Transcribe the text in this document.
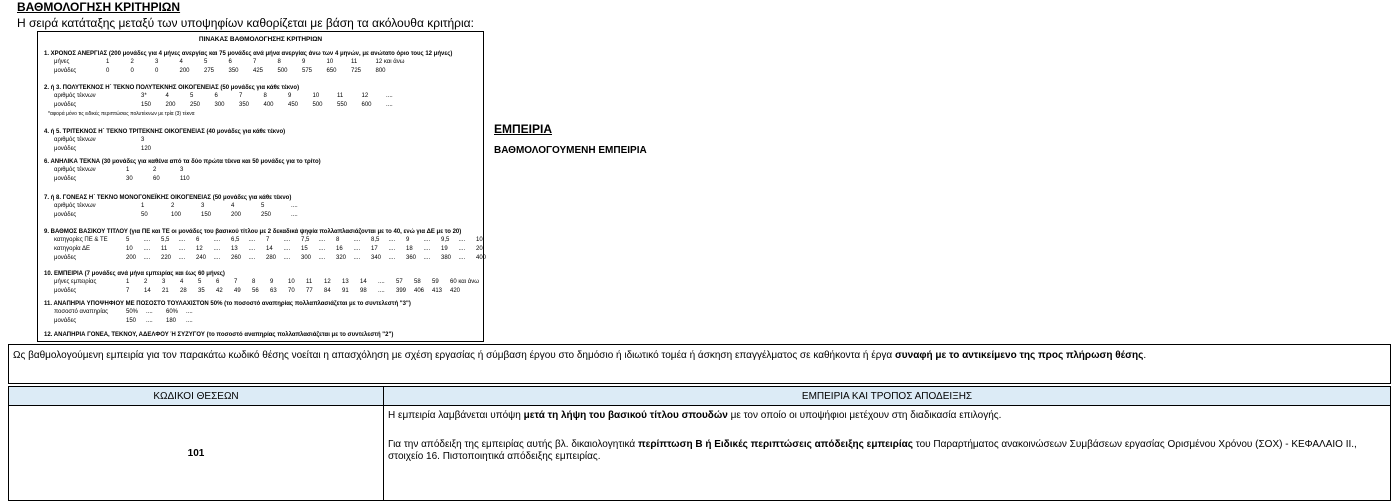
ΒΑΘΜΟΛΟΓΗΣΗ ΚΡΙΤΗΡΙΩΝ
Η σειρά κατάταξης μεταξύ των υποψηφίων καθορίζεται με βάση τα ακόλουθα κριτήρια:
ΠΙΝΑΚΑΣ ΒΑΘΜΟΛΟΓΗΣΗΣ ΚΡΙΤΗΡΙΩΝ
1. ΧΡΟΝΟΣ ΑΝΕΡΓΙΑΣ (200 μονάδες για 4 μήνες ανεργίας και 75 μονάδες ανά μήνα ανεργίας άνω των 4 μηνών, με ανώτατο όριο τους 12 μήνες)
μήνες	1	2	3	4	5	6	7	8	9	10	11	12 και άνω
μονάδες	0	0	0	200 275 350 425 500 575 650 725 800
2. ή 3. ΠΟΛΥΤΕΚΝΟΣ Η΄ ΤΕΚΝΟ ΠΟΛΥΤΕΚΝΗΣ ΟΙΚΟΓΕΝΕΙΑΣ (50 μονάδες για κάθε τέκνο)
αριθμός τέκνων	3*	4	5	6	7	8	9	10	11	12	....
μονάδες	150 200 250 300 350 400 450 500 550 600 ....
*αφορά μόνο τις ειδικές περιπτώσεις πολυτέκνων με τρία (3) τέκνα
4. ή 5. ΤΡΙΤΕΚΝΟΣ Η΄ ΤΕΚΝΟ ΤΡΙΤΕΚΝΗΣ ΟΙΚΟΓΕΝΕΙΑΣ (40 μονάδες για κάθε τέκνο)
αριθμός τέκνων	3
μονάδες	120
6. ΑΝΗΛΙΚΑ ΤΕΚΝΑ (30 μονάδες για καθένα από τα δύο πρώτα τέκνα και 50 μονάδες για το τρίτο)
αριθμός τέκνων	1	2	3
μονάδες	30	60	110
7. ή 8. ΓΟΝΕΑΣ Η΄ ΤΕΚΝΟ ΜΟΝΟΓΟΝΕΪΚΗΣ ΟΙΚΟΓΕΝΕΙΑΣ (50 μονάδες για κάθε τέκνο)
αριθμός τέκνων	1	2	3	4	5	....
μονάδες	50	100	150	200	250	....
9. ΒΑΘΜΟΣ ΒΑΣΙΚΟΥ ΤΙΤΛΟΥ (για ΠΕ και ΤΕ οι μονάδες του βασικού τίτλου με 2 δεκαδικά ψηφία πολλαπλασιάζονται με το 40, ενώ για ΔΕ με το 20)
κατηγορίες ΠΕ & ΤΕ	5 .... 5,5 .... 6 .... 6,5 .... 7 .... 7,5 .... 8 .... 8,5 .... 9 .... 9,5 .... 10
κατηγορία ΔΕ	10 .... 11 .... 12 .... 13 .... 14 .... 15 .... 16 .... 17 .... 18 .... 19 .... 20
μονάδες	200 .... 220 .... 240 .... 260 .... 280 .... 300 .... 320 .... 340 .... 360 .... 380 .... 400
10. ΕΜΠΕΙΡΙΑ (7 μονάδες ανά μήνα εμπειρίας και έως 60 μήνες)
μήνες εμπειρίας	1 2 3 4 5 6 7 8 9 10 11 12 13 14 .... 57 58 59 60 και άνω
μονάδες	7 14 21 28 35 42 49 56 63 70 77 84 91 98 .... 399 406 413 420
11. ΑΝΑΠΗΡΙΑ ΥΠΟΨΗΦΙΟΥ ΜΕ ΠΟΣΟΣΤΟ ΤΟΥΛΑΧΙΣΤΟΝ 50% (το ποσοστό αναπηρίας πολλαπλασιάζεται με το συντελεστή "3")
ποσοστό αναπηρίας	50% .... 60% ....
μονάδες	150 .... 180 ....
12. ΑΝΑΠΗΡΙΑ ΓΟΝΕΑ, ΤΕΚΝΟΥ, ΑΔΕΛΦΟΥ Ή ΣΥΖΥΓΟΥ (το ποσοστό αναπηρίας πολλαπλασιάζεται με το συντελεστή "2")
ΕΜΠΕΙΡΙΑ
ΒΑΘΜΟΛΟΓΟΥΜΕΝΗ ΕΜΠΕΙΡΙΑ
Ως βαθμολογούμενη εμπειρία για τον παρακάτω κωδικό θέσης νοείται η απασχόληση με σχέση εργασίας ή σύμβαση έργου στο δημόσιο ή ιδιωτικό τομέα ή άσκηση επαγγέλματος σε καθήκοντα ή έργα συναφή με το αντικείμενο της προς πλήρωση θέσης.
ΚΩΔΙΚΟΙ ΘΕΣΕΩΝ	ΕΜΠΕΙΡΙΑ ΚΑΙ ΤΡΟΠΟΣ ΑΠΟΔΕΙΞΗΣ
101	Η εμπειρία λαμβάνεται υπόψη μετά τη λήψη του βασικού τίτλου σπουδών με τον οποίο οι υποψήφιοι μετέχουν στη διαδικασία επιλογής.

Για την απόδειξη της εμπειρίας αυτής βλ. δικαιολογητικά περίπτωση Β ή Ειδικές περιπτώσεις απόδειξης εμπειρίας του Παραρτήματος ανακοινώσεων Συμβάσεων εργασίας Ορισμένου Χρόνου (ΣΟΧ) - ΚΕΦΑΛΑΙΟ ΙΙ., στοιχείο 16. Πιστοποιητικά απόδειξης εμπειρίας.
